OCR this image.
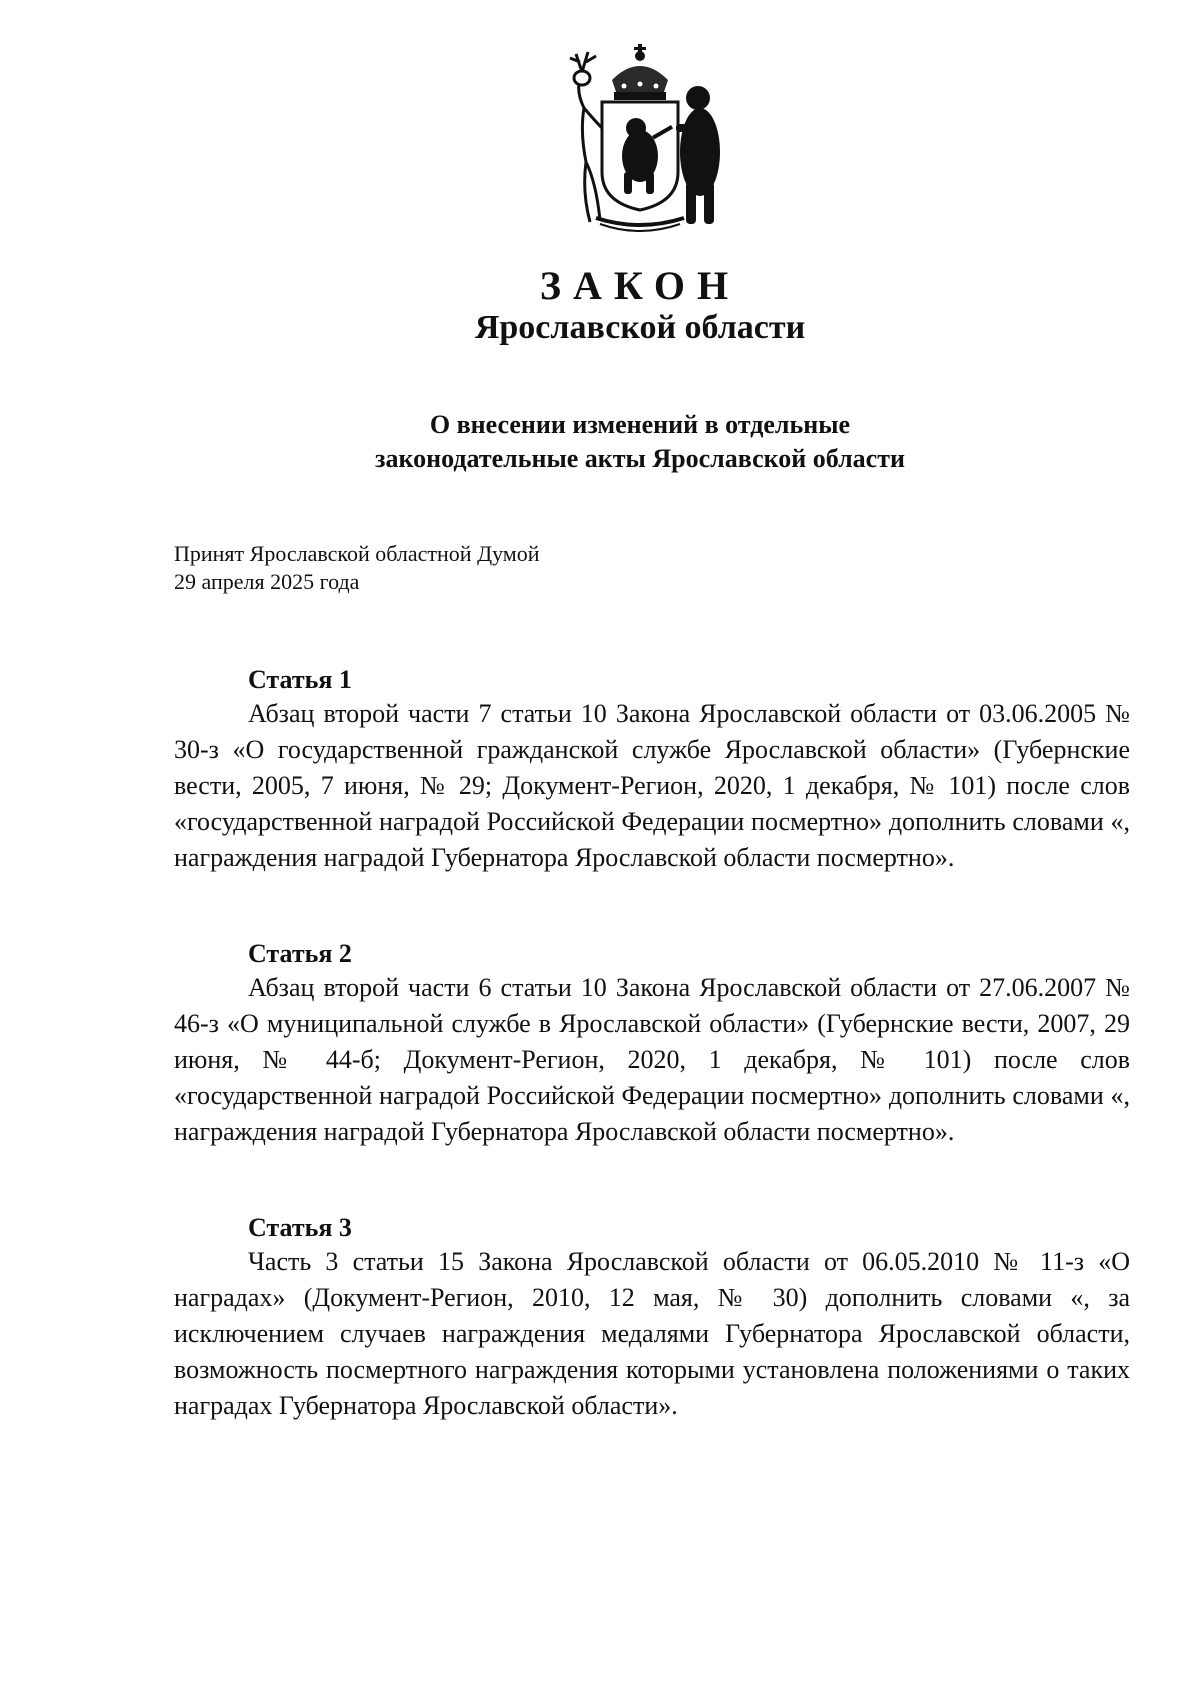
ЗАКОН
Ярославской области
О внесении изменений в отдельные
законодательные акты Ярославской области
Принят Ярославской областной Думой
29 апреля 2025 года

Статья 1

Абзац второй части 7 статьи 10 Закона Ярославской области от 03.06.2005 № 30-з «О государственной гражданской службе Ярославской области» (Губернские вести, 2005, 7 июня, № 29; Документ-Регион, 2020, 1 декабря, № 101) после слов «государственной наградой Российской Федерации посмертно» дополнить словами «, награждения наградой Губернатора Ярославской области посмертно».

Статья 2

Абзац второй части 6 статьи 10 Закона Ярославской области от 27.06.2007 № 46-з «О муниципальной службе в Ярославской области» (Губернские вести, 2007, 29 июня, № 44-б; Документ-Регион, 2020, 1 декабря, № 101) после слов «государственной наградой Российской Федерации посмертно» дополнить словами «, награждения наградой Губернатора Ярославской области посмертно».

Статья 3

Часть 3 статьи 15 Закона Ярославской области от 06.05.2010 № 11-з «О наградах» (Документ-Регион, 2010, 12 мая, № 30) дополнить словами «, за исключением случаев награждения медалями Губернатора Ярославской области, возможность посмертного награждения которыми установлена положениями о таких наградах Губернатора Ярославской области».
